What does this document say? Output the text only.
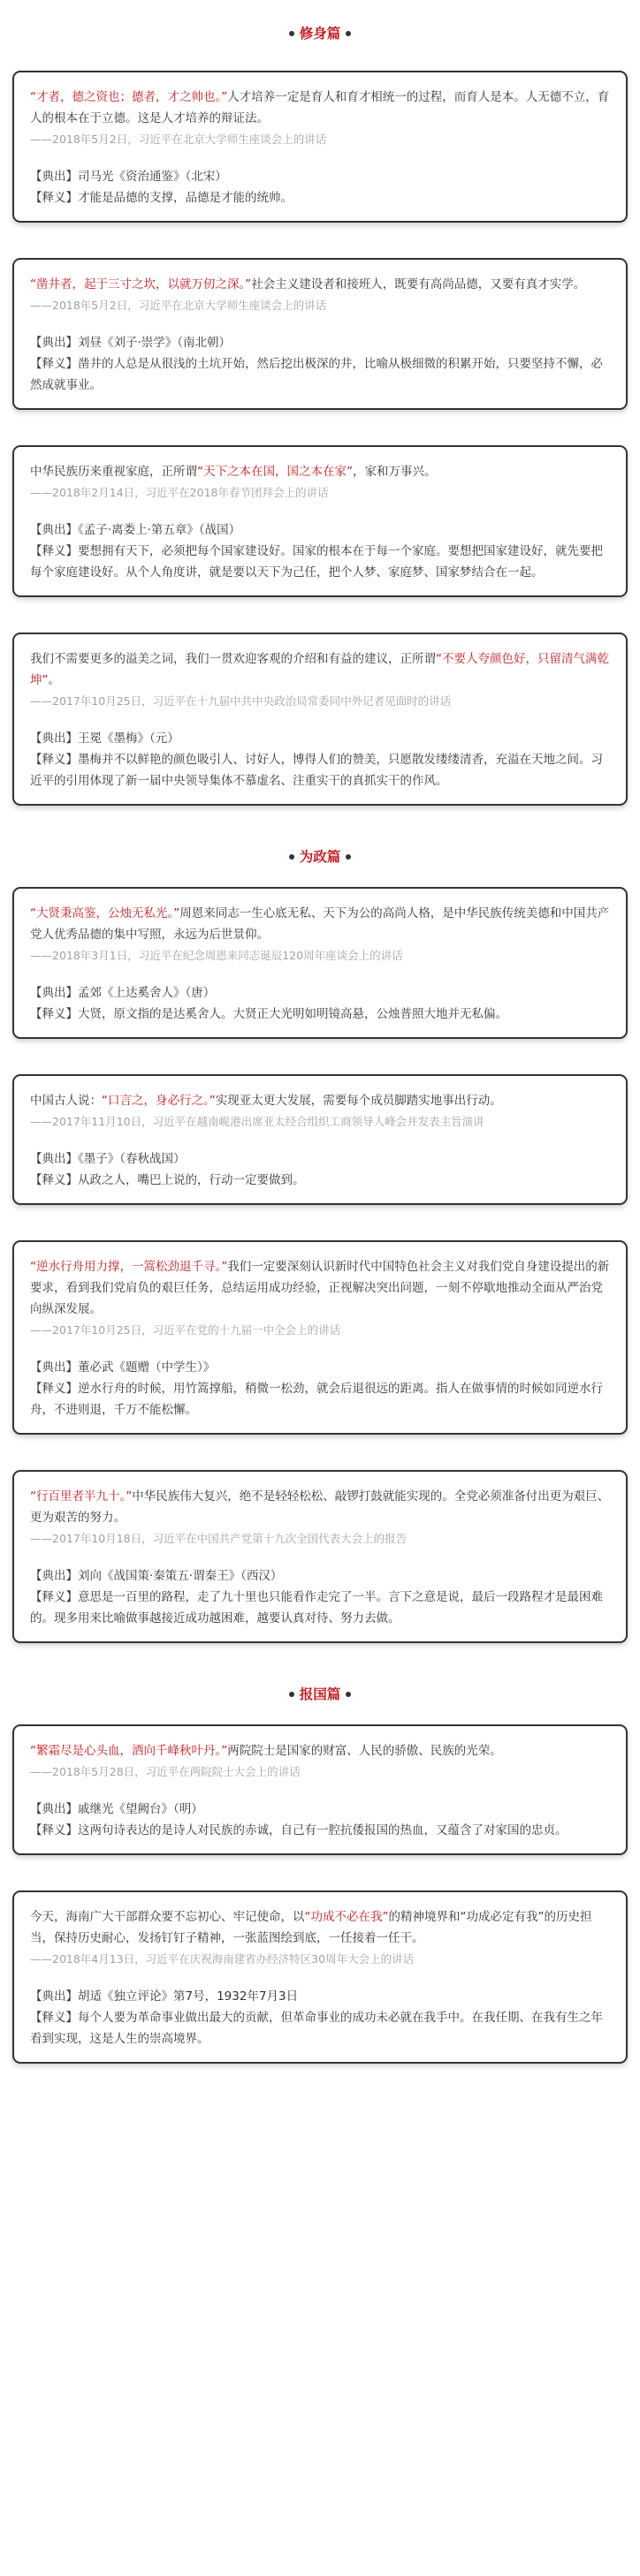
修身篇

“才者，德之资也；德者，才之帅也。”人才培养一定是育人和育才相统一的过程，而育人是本。人无德不立，育人的根本在于立德。这是人才培养的辩证法。

——2018年5月2日，习近平在北京大学师生座谈会上的讲话

【典出】司马光《资治通鉴》（北宋）

【释义】才能是品德的支撑，品德是才能的统帅。

“凿井者，起于三寸之坎，以就万仞之深。”社会主义建设者和接班人，既要有高尚品德，又要有真才实学。

——2018年5月2日，习近平在北京大学师生座谈会上的讲话

【典出】刘昼《刘子·崇学》（南北朝）

【释义】凿井的人总是从很浅的土坑开始，然后挖出极深的井，比喻从极细微的积累开始，只要坚持不懈，必然成就事业。

中华民族历来重视家庭，正所谓“天下之本在国，国之本在家”，家和万事兴。

——2018年2月14日，习近平在2018年春节团拜会上的讲话

【典出】《孟子·离娄上·第五章》（战国）

【释义】要想拥有天下，必须把每个国家建设好。国家的根本在于每一个家庭。要想把国家建设好，就先要把每个家庭建设好。从个人角度讲，就是要以天下为己任，把个人梦、家庭梦、国家梦结合在一起。

我们不需要更多的溢美之词，我们一贯欢迎客观的介绍和有益的建议，正所谓“不要人夸颜色好，只留清气满乾坤”。

——2017年10月25日，习近平在十九届中共中央政治局常委同中外记者见面时的讲话

【典出】王冕《墨梅》（元）

【释义】墨梅并不以鲜艳的颜色吸引人、讨好人，博得人们的赞美，只愿散发缕缕清香，充溢在天地之间。习近平的引用体现了新一届中央领导集体不慕虚名、注重实干的真抓实干的作风。

为政篇

“大贤秉高鉴，公烛无私光。”周恩来同志一生心底无私、天下为公的高尚人格，是中华民族传统美德和中国共产党人优秀品德的集中写照，永远为后世景仰。

——2018年3月1日，习近平在纪念周恩来同志诞辰120周年座谈会上的讲话

【典出】孟郊《上达奚舍人》（唐）

【释义】大贤，原文指的是达奚舍人。大贤正大光明如明镜高悬，公烛普照大地并无私偏。

中国古人说：“口言之，身必行之。”实现亚太更大发展，需要每个成员脚踏实地事出行动。

——2017年11月10日，习近平在越南岘港出席亚太经合组织工商领导人峰会并发表主旨演讲

【典出】《墨子》（春秋战国）

【释义】从政之人，嘴巴上说的，行动一定要做到。

“逆水行舟用力撑，一篙松劲退千寻。”我们一定要深刻认识新时代中国特色社会主义对我们党自身建设提出的新要求，看到我们党肩负的艰巨任务，总结运用成功经验，正视解决突出问题，一刻不停歇地推动全面从严治党向纵深发展。

——2017年10月25日，习近平在党的十九届一中全会上的讲话

【典出】董必武《题赠（中学生）》

【释义】逆水行舟的时候，用竹篙撑船，稍微一松劲，就会后退很远的距离。指人在做事情的时候如同逆水行舟，不进则退，千万不能松懈。

“行百里者半九十。”中华民族伟大复兴，绝不是轻轻松松、敲锣打鼓就能实现的。全党必须准备付出更为艰巨、更为艰苦的努力。

——2017年10月18日，习近平在中国共产党第十九次全国代表大会上的报告

【典出】刘向《战国策·秦策五·谓秦王》（西汉）

【释义】意思是一百里的路程，走了九十里也只能看作走完了一半。言下之意是说，最后一段路程才是最困难的。现多用来比喻做事越接近成功越困难，越要认真对待、努力去做。

报国篇

“繁霜尽是心头血，洒向千峰秋叶丹。”两院院士是国家的财富、人民的骄傲、民族的光荣。

——2018年5月28日，习近平在两院院士大会上的讲话

【典出】戚继光《望阙台》（明）

【释义】这两句诗表达的是诗人对民族的赤诚，自己有一腔抗倭报国的热血，又蕴含了对家国的忠贞。

今天，海南广大干部群众要不忘初心、牢记使命，以“功成不必在我”的精神境界和“功成必定有我”的历史担当，保持历史耐心，发扬钉钉子精神，一张蓝图绘到底，一任接着一任干。

——2018年4月13日，习近平在庆祝海南建省办经济特区30周年大会上的讲话

【典出】胡适《独立评论》第7号，1932年7月3日

【释义】每个人要为革命事业做出最大的贡献，但革命事业的成功未必就在我手中。在我任期、在我有生之年看到实现，这是人生的崇高境界。
